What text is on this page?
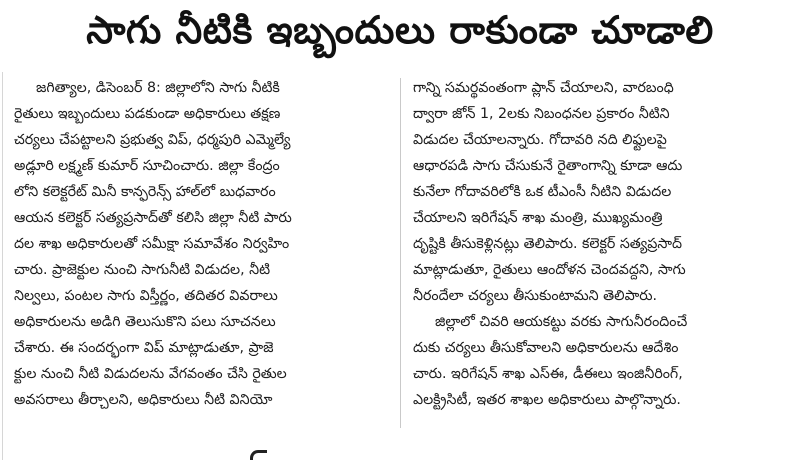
సాగు నీటికి ఇబ్బందులు రాకుండా చూడాలి
జగిత్యాల, డిసెంబర్ 8: జిల్లాలోని సాగు నీటికి
రైతులు ఇబ్బందులు పడకుండా అధికారులు తక్షణ
చర్యలు చేపట్టాలని ప్రభుత్వ విప్, ధర్మపురి ఎమ్మెల్యే
అడ్లూరి లక్ష్మణ్ కుమార్ సూచించారు. జిల్లా కేంద్రం
లోని కలెక్టరేట్ మినీ కాన్ఫరెన్స్ హాల్‌లో బుధవారం
ఆయన కలెక్టర్ సత్యప్రసాద్‌తో కలిసి జిల్లా నీటి పారు
దల శాఖ అధికారులతో సమీక్షా సమావేశం నిర్వహిం
చారు. ప్రాజెక్టుల నుంచి సాగునీటి విడుదల, నీటి
నిల్వలు, పంటల సాగు విస్తీర్ణం, తదితర వివరాలు
అధికారులను అడిగి తెలుసుకొని పలు సూచనలు
చేశారు. ఈ సందర్భంగా విప్ మాట్లాడుతూ, ప్రాజె
క్టుల నుంచి నీటి విడుదలను వేగవంతం చేసి రైతుల
అవసరాలు తీర్చాలని, అధికారులు నీటి వినియో
గాన్ని సమర్థవంతంగా ప్లాన్ చేయాలని, వారబంధి
ద్వారా జోన్ 1, 2లకు నిబంధనల ప్రకారం నీటిని
విడుదల చేయాలన్నారు. గోదావరి నది లిఫ్టులపై
ఆధారపడి సాగు చేసుకునే రైతాంగాన్ని కూడా ఆదు
కునేలా గోదావరిలోకి ఒక టీఎంసీ నీటిని విడుదల
చేయాలని ఇరిగేషన్ శాఖ మంత్రి, ముఖ్యమంత్రి
దృష్టికి తీసుకెళ్లినట్లు తెలిపారు. కలెక్టర్ సత్యప్రసాద్
మాట్లాడుతూ, రైతులు ఆందోళన చెందవద్దని, సాగు
నీరందేలా చర్యలు తీసుకుంటామని తెలిపారు.
జిల్లాలో చివరి ఆయకట్టు వరకు సాగునీరందించే
దుకు చర్యలు తీసుకోవాలని అధికారులను ఆదేశిం
చారు. ఇరిగేషన్ శాఖ ఎస్ఈ, డీఈలు ఇంజినీరింగ్,
ఎలక్ట్రిసిటీ, ఇతర శాఖల అధికారులు పాల్గొన్నారు.
